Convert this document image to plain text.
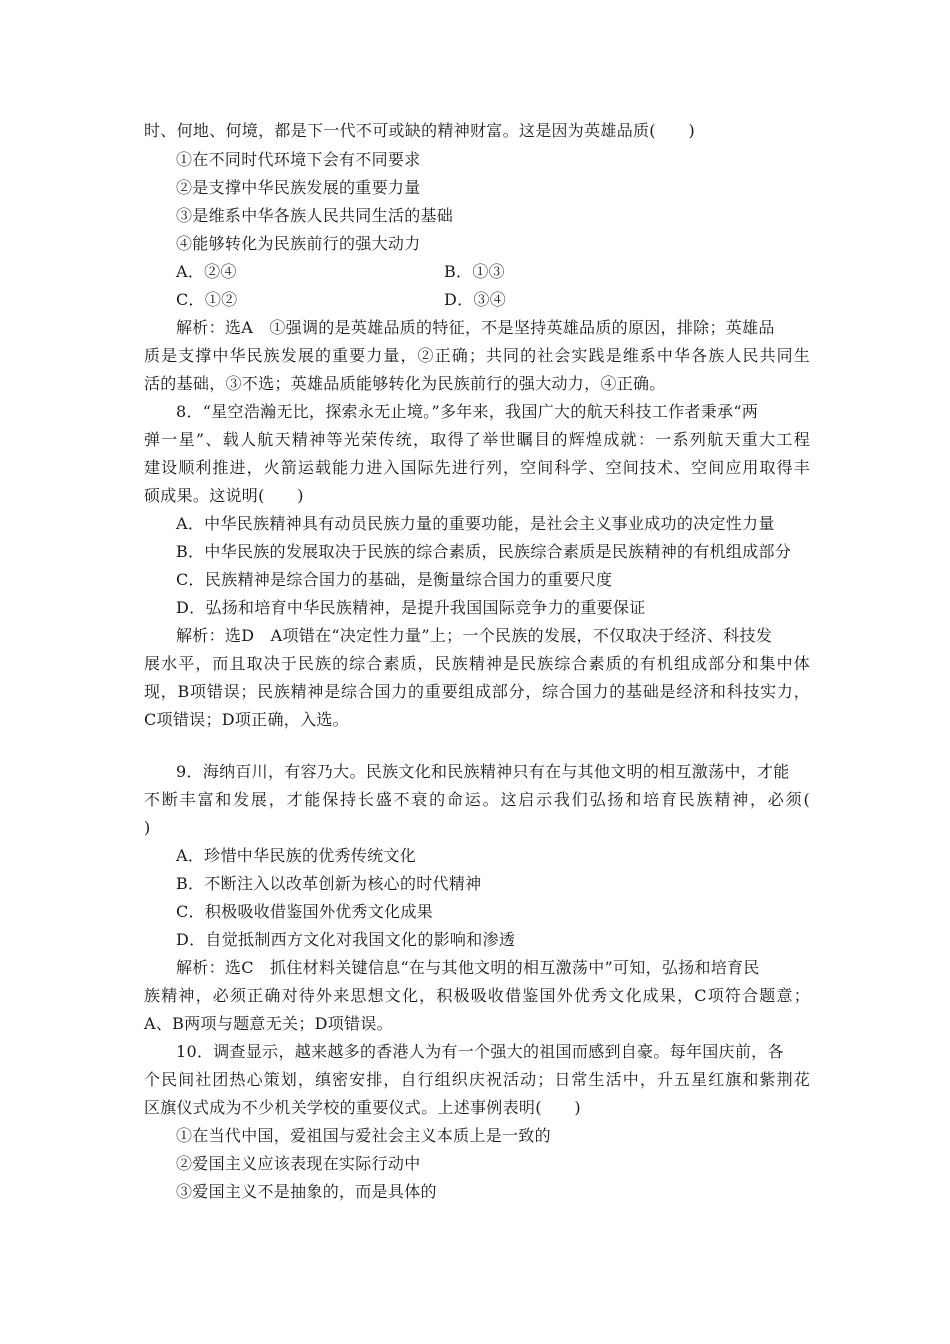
时、何地、何境，都是下一代不可或缺的精神财富。这是因为英雄品质(　　)
①在不同时代环境下会有不同要求
②是支撑中华民族发展的重要力量
③是维系中华各族人民共同生活的基础
④能够转化为民族前行的强大动力
A．②④	B．①③
C．①②	D．③④
解析：选A　①强调的是英雄品质的特征，不是坚持英雄品质的原因，排除；英雄品
质是支撑中华民族发展的重要力量，②正确；共同的社会实践是维系中华各族人民共同生
活的基础，③不选；英雄品质能够转化为民族前行的强大动力，④正确。
8．“星空浩瀚无比，探索永无止境。”多年来，我国广大的航天科技工作者秉承“两
弹一星”、载人航天精神等光荣传统，取得了举世瞩目的辉煌成就：一系列航天重大工程
建设顺利推进，火箭运载能力进入国际先进行列，空间科学、空间技术、空间应用取得丰
硕成果。这说明(　　)
A．中华民族精神具有动员民族力量的重要功能，是社会主义事业成功的决定性力量
B．中华民族的发展取决于民族的综合素质，民族综合素质是民族精神的有机组成部分
C．民族精神是综合国力的基础，是衡量综合国力的重要尺度
D．弘扬和培育中华民族精神，是提升我国国际竞争力的重要保证
解析：选D　A项错在“决定性力量”上；一个民族的发展，不仅取决于经济、科技发
展水平，而且取决于民族的综合素质，民族精神是民族综合素质的有机组成部分和集中体
现，B项错误；民族精神是综合国力的重要组成部分，综合国力的基础是经济和科技实力，
C项错误；D项正确，入选。
9．海纳百川，有容乃大。民族文化和民族精神只有在与其他文明的相互激荡中，才能
不断丰富和发展，才能保持长盛不衰的命运。这启示我们弘扬和培育民族精神，必须(
)
A．珍惜中华民族的优秀传统文化
B．不断注入以改革创新为核心的时代精神
C．积极吸收借鉴国外优秀文化成果
D．自觉抵制西方文化对我国文化的影响和渗透
解析：选C　抓住材料关键信息“在与其他文明的相互激荡中”可知，弘扬和培育民
族精神，必须正确对待外来思想文化，积极吸收借鉴国外优秀文化成果，C项符合题意；
A、B两项与题意无关；D项错误。
10．调查显示，越来越多的香港人为有一个强大的祖国而感到自豪。每年国庆前，各
个民间社团热心策划，缜密安排，自行组织庆祝活动；日常生活中，升五星红旗和紫荆花
区旗仪式成为不少机关学校的重要仪式。上述事例表明(　　)
①在当代中国，爱祖国与爱社会主义本质上是一致的
②爱国主义应该表现在实际行动中
③爱国主义不是抽象的，而是具体的
